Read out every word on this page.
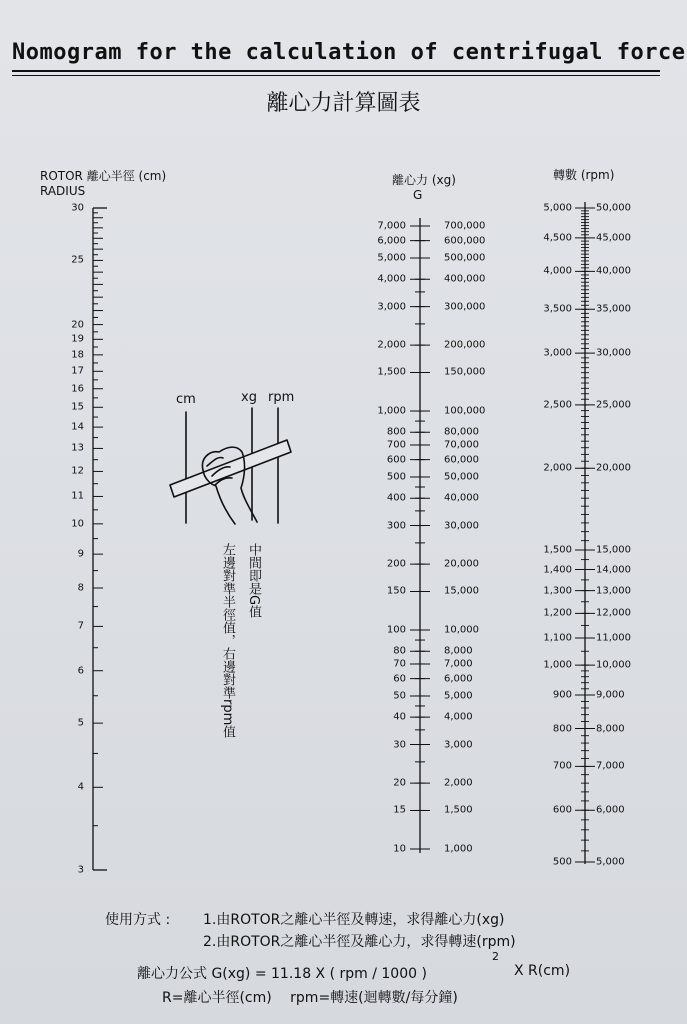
Nomogram for the calculation of centrifugal force
離心力計算圖表
ROTOR 離心半徑 (cm)
RADIUS
離心力 (xg)
G
轉數 (rpm)
cm	xg rpm
中間即是G值
左邊對準半徑值，右邊對準rpm值
30
25
20
19
18
17
16
15
14
13
12
11
10
9
8
7
6
5
4
3
7,000	700,000
6,000	600,000
5,000	500,000
4,000	400,000
3,000	300,000
2,000	200,000
1,500	150,000
1,000	100,000
800	80,000
700	70,000
600	60,000
500	50,000
400	40,000
300	30,000
200	20,000
150	15,000
100	10,000
80	8,000
70	7,000
60	6,000
50	5,000
40	4,000
30	3,000
20	2,000
15	1,500
10	1,000
5,000 50,000
4,500 45,000
4,000 40,000
3,500 35,000
3,000 30,000
2,500 25,000
2,000 20,000
1,500 15,000
1,400 14,000
1,300 13,000
1,200 12,000
1,100 11,000
1,000 10,000
900 9,000
800 8,000
700 7,000
600 6,000
500 5,000
使用方式 : 1.由ROTOR之離心半徑及轉速，求得離心力(xg)
2.由ROTOR之離心半徑及離心力，求得轉速(rpm)
離心力公式 G(xg) = 11.18 X ( rpm / 1000 )
2
X R(cm)
R=離心半徑(cm)　 rpm=轉速(迴轉數/每分鐘)
